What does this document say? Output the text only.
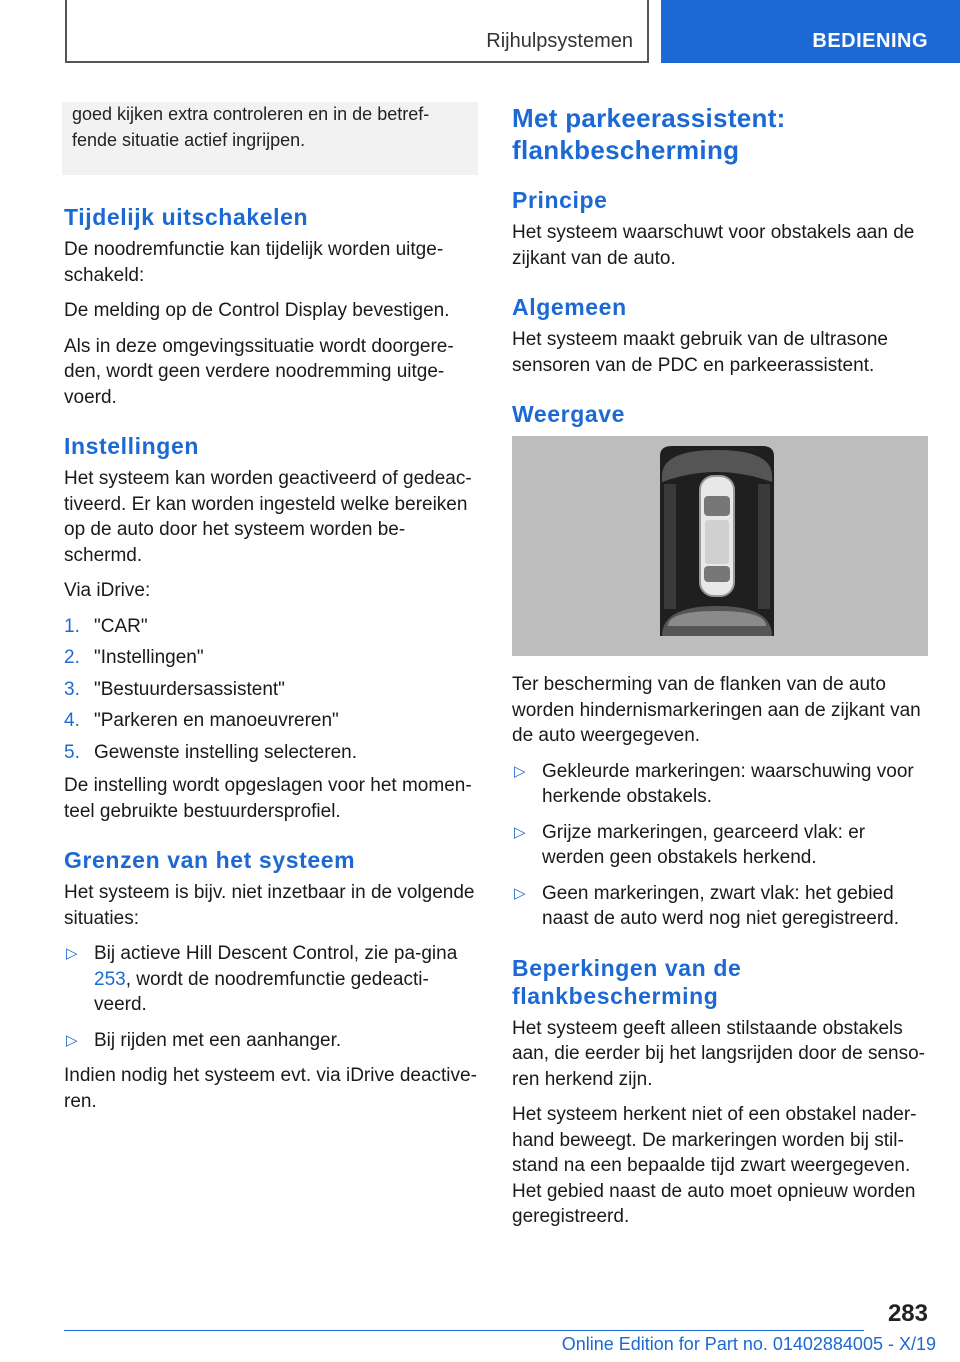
Rijhulpsystemen	BEDIENING
goed kijken extra controleren en in de betref-fende situatie actief ingrijpen.
Tijdelijk uitschakelen

De noodremfunctie kan tijdelijk worden uitge-schakeld:

De melding op de Control Display bevestigen.

Als in deze omgevingssituatie wordt doorgere-den, wordt geen verdere noodremming uitge-voerd.

Instellingen

Het systeem kan worden geactiveerd of gedeac-tiveerd. Er kan worden ingesteld welke bereiken op de auto door het systeem worden be-schermd.

Via iDrive:

1. "CAR"
2. "Instellingen"
3. "Bestuurdersassistent"
4. "Parkeren en manoeuvreren"
5. Gewenste instelling selecteren.

De instelling wordt opgeslagen voor het momen-teel gebruikte bestuurdersprofiel.

Grenzen van het systeem

Het systeem is bijv. niet inzetbaar in de volgende situaties:

▷ Bij actieve Hill Descent Control, zie pa-gina 253, wordt de noodremfunctie gedeacti-veerd.
▷ Bij rijden met een aanhanger.

Indien nodig het systeem evt. via iDrive deactive-ren.

Met parkeerassistent: flankbescherming
Principe

Het systeem waarschuwt voor obstakels aan de zijkant van de auto.

Algemeen

Het systeem maakt gebruik van de ultrasone sensoren van de PDC en parkeerassistent.

Weergave

Ter bescherming van de flanken van de auto worden hindernismarkeringen aan de zijkant van de auto weergegeven.

▷ Gekleurde markeringen: waarschuwing voor herkende obstakels.
▷ Grijze markeringen, gearceerd vlak: er werden geen obstakels herkend.
▷ Geen markeringen, zwart vlak: het gebied naast de auto werd nog niet geregistreerd.
Beperkingen van de flankbescherming

Het systeem geeft alleen stilstaande obstakels aan, die eerder bij het langsrijden door de senso-ren herkend zijn.

Het systeem herkent niet of een obstakel nader-hand beweegt. De markeringen worden bij stil-stand na een bepaalde tijd zwart weergegeven. Het gebied naast de auto moet opnieuw worden geregistreerd.

283
Online Edition for Part no. 01402884005 - X/19
